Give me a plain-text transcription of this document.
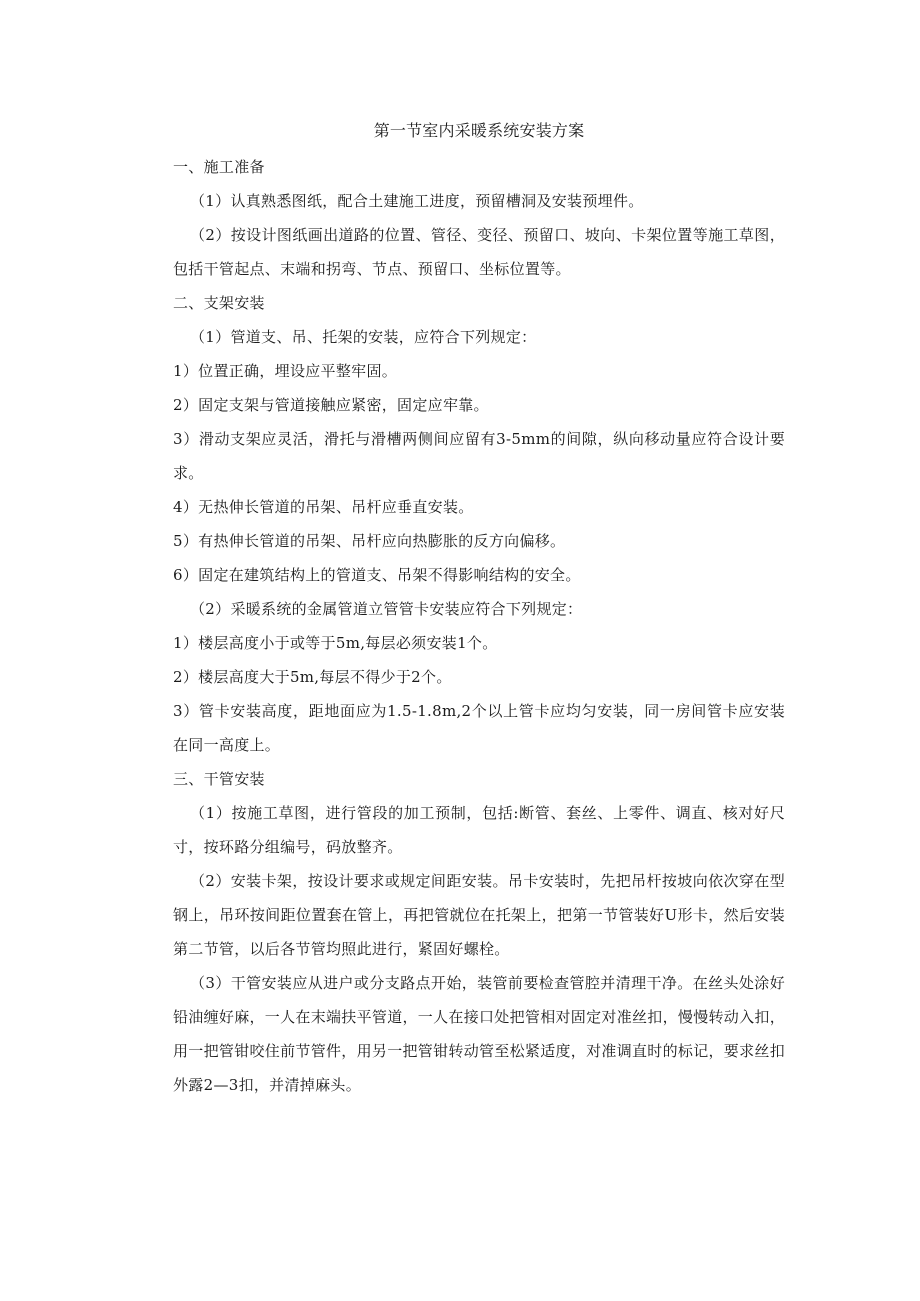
第一节室内采暖系统安装方案
一、施工准备
（1）认真熟悉图纸，配合土建施工进度，预留槽洞及安装预埋件。
（2）按设计图纸画出道路的位置、管径、变径、预留口、坡向、卡架位置等施工草图，包括干管起点、末端和拐弯、节点、预留口、坐标位置等。
二、支架安装
（1）管道支、吊、托架的安装，应符合下列规定：
1）位置正确，埋设应平整牢固。
2）固定支架与管道接触应紧密，固定应牢靠。
3）滑动支架应灵活，滑托与滑槽两侧间应留有3-5mm的间隙，纵向移动量应符合设计要求。
4）无热伸长管道的吊架、吊杆应垂直安装。
5）有热伸长管道的吊架、吊杆应向热膨胀的反方向偏移。
6）固定在建筑结构上的管道支、吊架不得影响结构的安全。
（2）采暖系统的金属管道立管管卡安装应符合下列规定：
1）楼层高度小于或等于5m,每层必须安装1个。
2）楼层高度大于5m,每层不得少于2个。
3）管卡安装高度，距地面应为1.5-1.8m,2个以上管卡应均匀安装，同一房间管卡应安装在同一高度上。
三、干管安装
（1）按施工草图，进行管段的加工预制，包括:断管、套丝、上零件、调直、核对好尺寸，按环路分组编号，码放整齐。
（2）安装卡架，按设计要求或规定间距安装。吊卡安装时，先把吊杆按坡向依次穿在型钢上，吊环按间距位置套在管上，再把管就位在托架上，把第一节管装好U形卡，然后安装第二节管，以后各节管均照此进行，紧固好螺栓。
（3）干管安装应从进户或分支路点开始，装管前要检查管腔并清理干净。在丝头处涂好铅油缠好麻，一人在末端扶平管道，一人在接口处把管相对固定对准丝扣，慢慢转动入扣，用一把管钳咬住前节管件，用另一把管钳转动管至松紧适度，对准调直时的标记，要求丝扣外露2—3扣，并清掉麻头。
